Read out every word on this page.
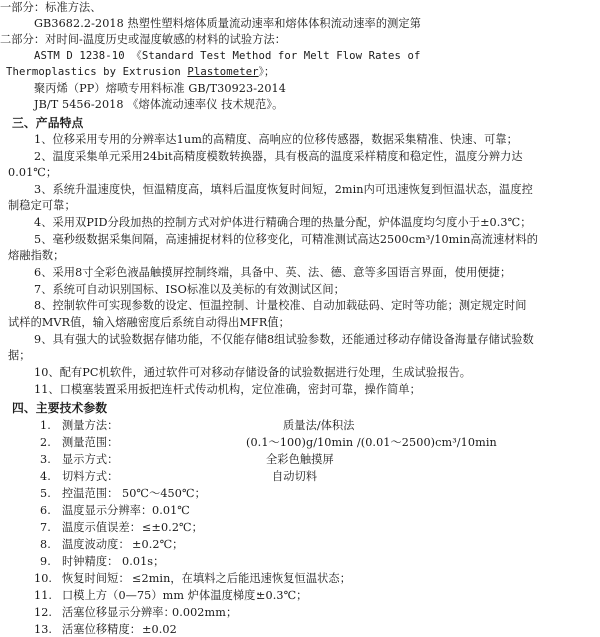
一部分：标准方法、
GB3682.2-2018 热塑性塑料熔体质量流动速率和熔体体积流动速率的测定第
二部分：对时间-温度历史或湿度敏感的材料的试验方法：
ASTM D 1238-10 《Standard Test Method for Melt Flow Rates of
Thermoplastics by Extrusion Plastometer》；
聚丙烯（PP）熔喷专用料标准 GB/T30923-2014
JB/T 5456-2018 《熔体流动速率仪 技术规范》。
三、产品特点
1、位移采用专用的分辨率达1um的高精度、高响应的位移传感器，数据采集精准、快速、可靠；
2、温度采集单元采用24bit高精度模数转换器，具有极高的温度采样精度和稳定性，温度分辨力达
0.01℃；
3、系统升温速度快，恒温精度高，填料后温度恢复时间短，2min内可迅速恢复到恒温状态，温度控
制稳定可靠；
4、采用双PID分段加热的控制方式对炉体进行精确合理的热量分配，炉体温度均匀度小于±0.3℃；
5、毫秒级数据采集间隔，高速捕捉材料的位移变化，可精准测试高达2500cm³/10min高流速材料的
熔融指数；
6、采用8寸全彩色液晶触摸屏控制终端，具备中、英、法、德、意等多国语言界面，使用便捷；
7、系统可自动识别国标、ISO标准以及美标的有效测试区间；
8、控制软件可实现参数的设定、恒温控制、计量校准、自动加载砝码、定时等功能；测定规定时间
试样的MVR值，输入熔融密度后系统自动得出MFR值；
9、具有强大的试验数据存储功能，不仅能存储8组试验参数，还能通过移动存储设备海量存储试验数
据；
10、配有PC机软件，通过软件可对移动存储设备的试验数据进行处理，生成试验报告。
11、口模塞装置采用扳把连杆式传动机构，定位准确，密封可靠，操作简单；
四、主要技术参数
1. 测量方法：	质量法/体积法
2. 测量范围：	(0.1～100)g/10min /(0.01～2500)cm³/10min
3. 显示方式：	全彩色触摸屏
4. 切料方式：	自动切料
5. 控温范围： 50℃～450℃；
6. 温度显示分辨率： 0.01℃
7. 温度示值误差： ≤±0.2℃；
8. 温度波动度： ±0.2℃；
9. 时钟精度： 0.01s；
10. 恢复时间短： ≤2min，在填料之后能迅速恢复恒温状态；
11. 口模上方（0—75）mm 炉体温度梯度：
±0.3℃；
12. 活塞位移显示分辨率：
0.002mm；
13. 活塞位移精度： ±0.02
